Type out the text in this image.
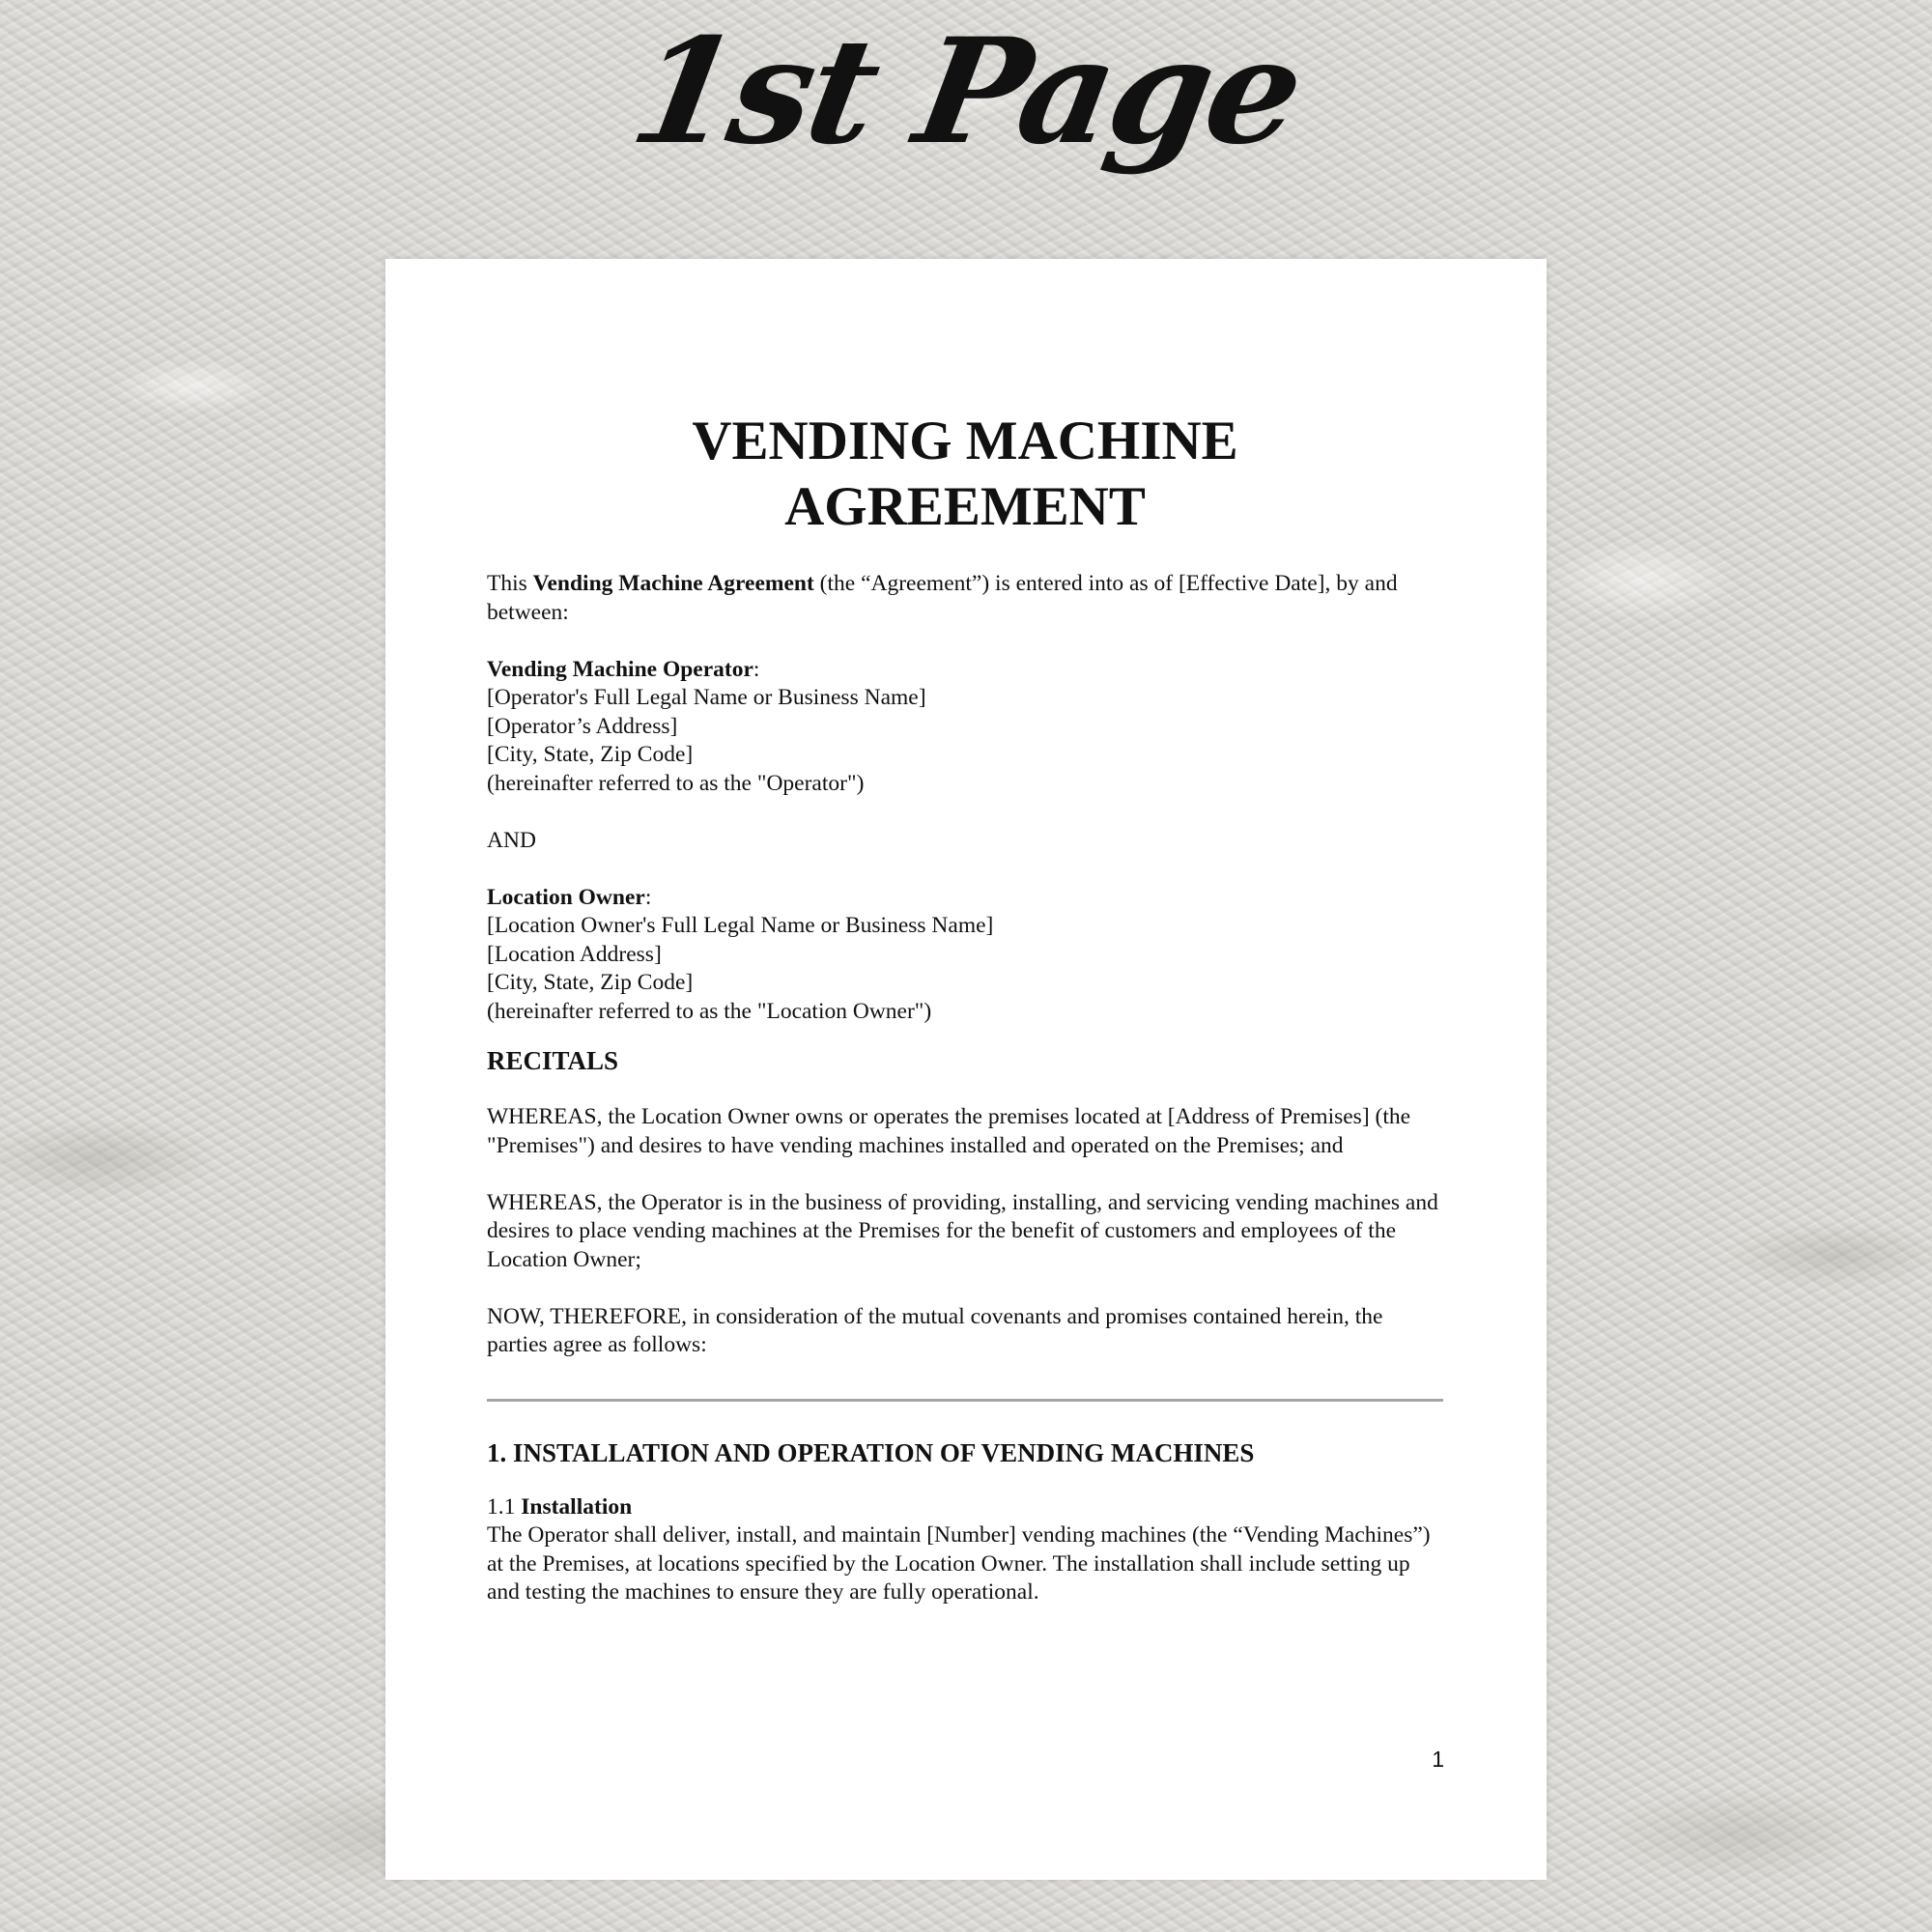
1st Page
VENDING MACHINE
AGREEMENT

This Vending Machine Agreement (the “Agreement”) is entered into as of [Effective Date], by and between:

Vending Machine Operator:

[Operator's Full Legal Name or Business Name]

[Operator’s Address]

[City, State, Zip Code]

(hereinafter referred to as the "Operator")

AND

Location Owner:

[Location Owner's Full Legal Name or Business Name]

[Location Address]

[City, State, Zip Code]

(hereinafter referred to as the "Location Owner")

RECITALS

WHEREAS, the Location Owner owns or operates the premises located at [Address of Premises] (the "Premises") and desires to have vending machines installed and operated on the Premises; and

WHEREAS, the Operator is in the business of providing, installing, and servicing vending machines and desires to place vending machines at the Premises for the benefit of customers and employees of the Location Owner;

NOW, THEREFORE, in consideration of the mutual covenants and promises contained herein, the parties agree as follows:

1. INSTALLATION AND OPERATION OF VENDING MACHINES

1.1 Installation

The Operator shall deliver, install, and maintain [Number] vending machines (the “Vending Machines”) at the Premises, at locations specified by the Location Owner. The installation shall include setting up and testing the machines to ensure they are fully operational.

1
